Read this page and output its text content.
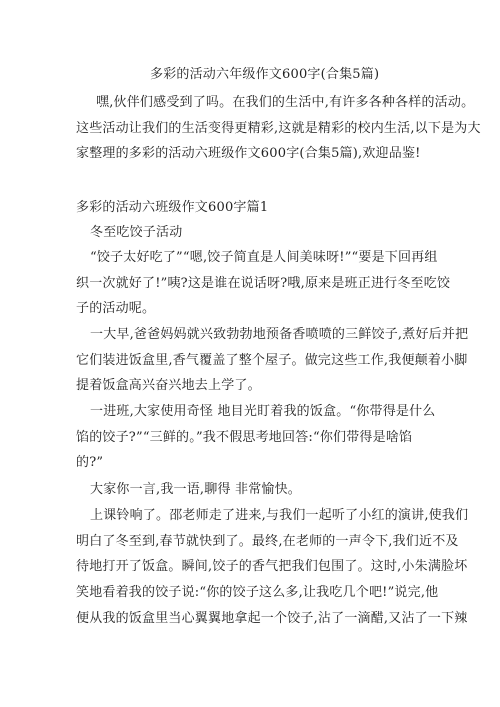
多彩的活动六年级作文600字(合集5篇)
嘿,伙伴们感受到了吗。在我们的生活中,有许多各种各样的活动。
这些活动让我们的生活变得更精彩,这就是精彩的校内生活,以下是为大
家整理的多彩的活动六班级作文600字(合集5篇),欢迎品鉴!
多彩的活动六班级作文600字篇1
冬至吃饺子活动
“饺子太好吃了”“嗯,饺子简直是人间美味呀!”“要是下回再组
织一次就好了!”咦?这是谁在说话呀?哦,原来是班正进行冬至吃饺
子的活动呢。
一大早,爸爸妈妈就兴致勃勃地预备香喷喷的三鲜饺子,煮好后并把
它们装进饭盒里,香气覆盖了整个屋子。做完这些工作,我便颠着小脚
提着饭盒高兴奋兴地去上学了。
一进班,大家使用奇怪 地目光盯着我的饭盒。“你带得是什么
馅的饺子?”“三鲜的。”我不假思考地回答:“你们带得是啥馅
的?”
大家你一言,我一语,聊得 非常愉快。
上课铃响了。邵老师走了进来,与我们一起听了小红的演讲,使我们
明白了冬至到,春节就快到了。最终,在老师的一声令下,我们近不及
待地打开了饭盒。瞬间,饺子的香气把我们包围了。这时,小朱满脸坏
笑地看着我的饺子说:“你的饺子这么多,让我吃几个吧!”说完,他
便从我的饭盒里当心翼翼地拿起一个饺子,沾了一滴醋,又沾了一下辣
